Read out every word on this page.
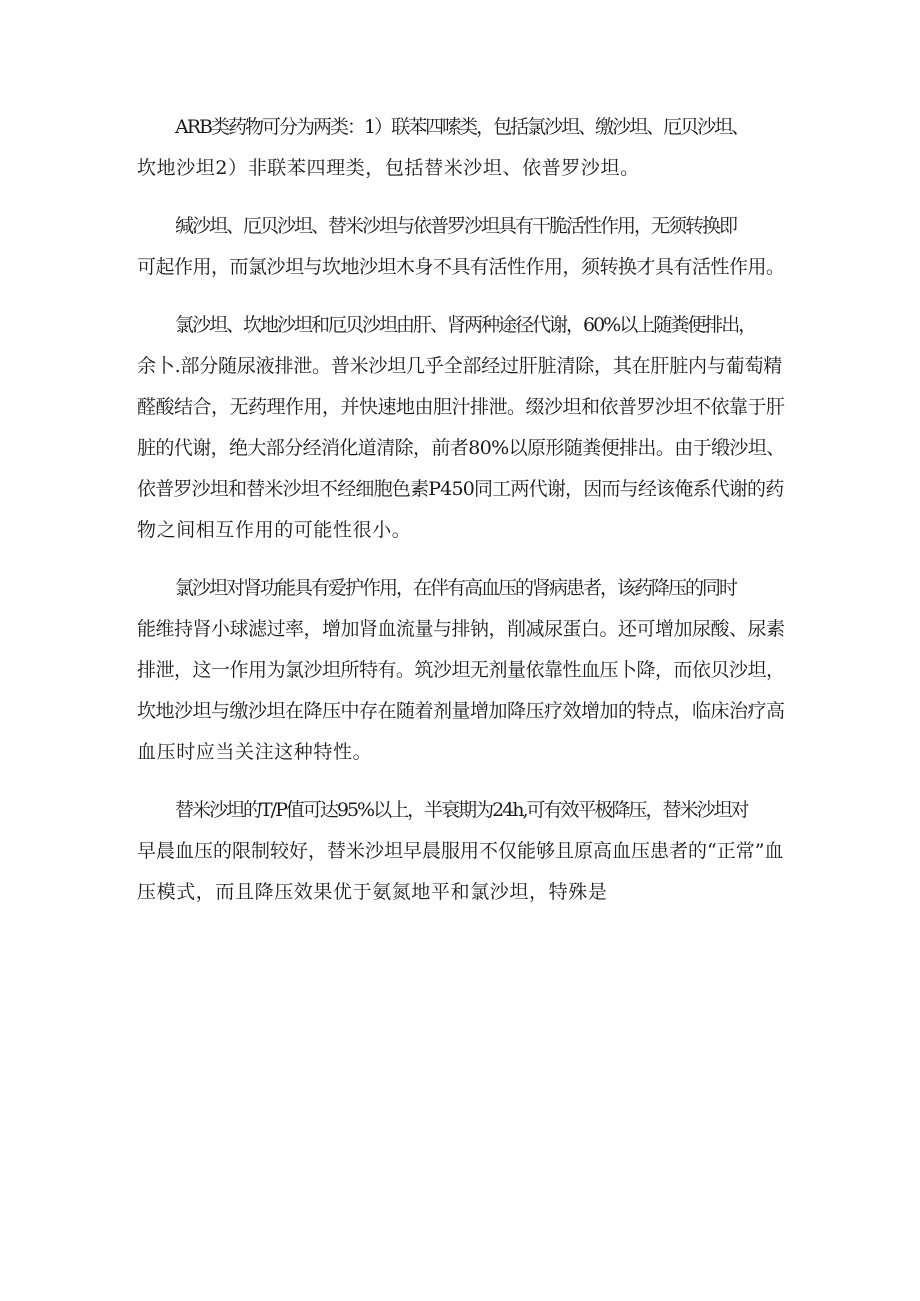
ARB类药物可分为两类：1）联苯四嗦类，包括氯沙坦、缴沙坦、厄贝沙坦、
坎地沙坦2）非联苯四理类，包括替米沙坦、依普罗沙坦。

缄沙坦、厄贝沙坦、替米沙坦与依普罗沙坦具有干脆活性作用，无须转换即
可起作用，而氯沙坦与坎地沙坦木身不具有活性作用，须转换才具有活性作用。

氯沙坦、坎地沙坦和厄贝沙坦由肝、肾两种途径代谢，60%以上随粪便排出，
余卜.部分随尿液排泄。普米沙坦几乎全部经过肝脏清除，其在肝脏内与葡萄精
醛酸结合，无药理作用，并快速地由胆汁排泄。缀沙坦和依普罗沙坦不依靠于肝
脏的代谢，绝大部分经消化道清除，前者80%以原形随粪便排出。由于缎沙坦、
依普罗沙坦和替米沙坦不经细胞色素P450同工两代谢，因而与经该俺系代谢的药
物之间相互作用的可能性很小。

氯沙坦对肾功能具有爱护作用，在伴有高血压的肾病患者，该药降压的同时
能维持肾小球滤过率，增加肾血流量与排钠，削减尿蛋白。还可增加尿酸、尿素
排泄，这一作用为氯沙坦所特有。筑沙坦无剂量依靠性血压卜降，而依贝沙坦，
坎地沙坦与缴沙坦在降压中存在随着剂量增加降压疗效增加的特点，临床治疗高
血压时应当关注这种特性。

替米沙坦的T/P值可达95%以上，半衰期为24h,可有效平极降压，替米沙坦对
早晨血压的限制较好，替米沙坦早晨服用不仅能够且原高血压患者的“正常”血
压模式，而且降压效果优于氨氮地平和氯沙坦，特殊是
